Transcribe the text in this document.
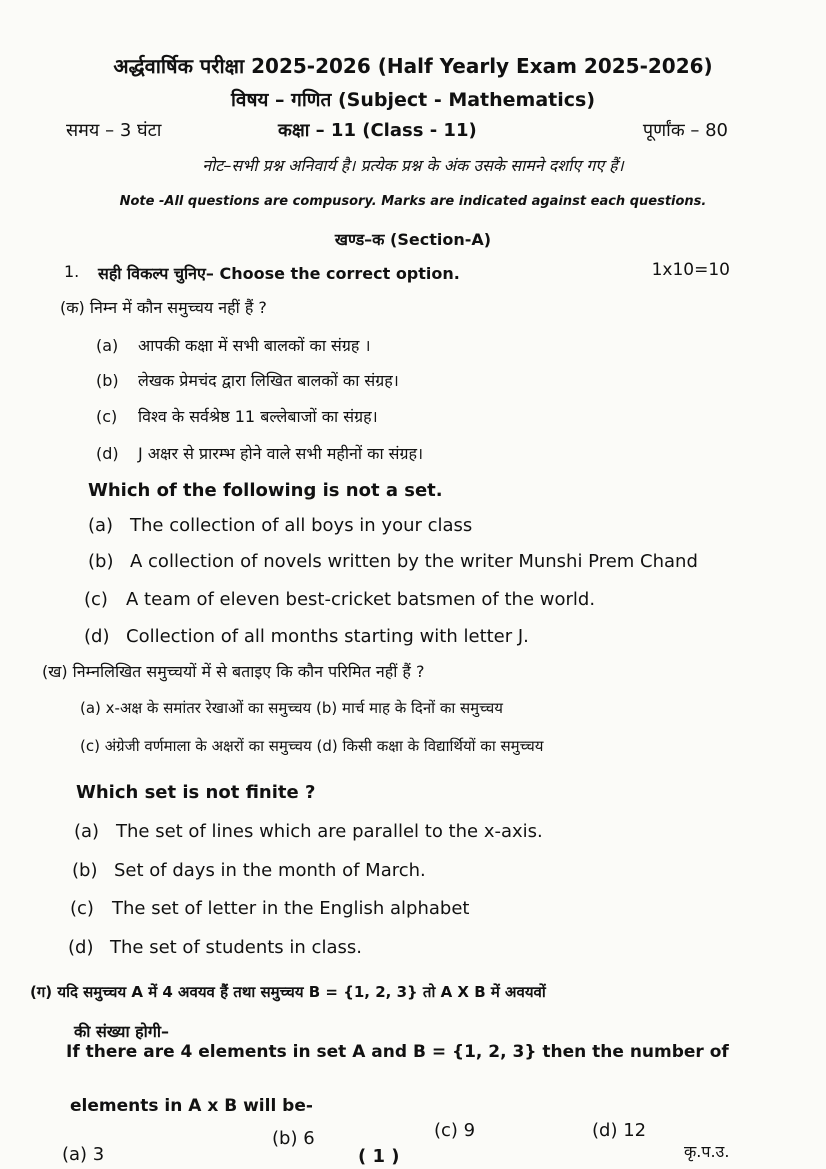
अर्द्धवार्षिक परीक्षा 2025-2026 (Half Yearly Exam 2025-2026)
विषय – गणित (Subject - Mathematics)
समय – 3 घंटा	कक्षा – 11 (Class - 11)	पूर्णांक – 80
नोट–सभी प्रश्न अनिवार्य है। प्रत्येक प्रश्न के अंक उसके सामने दर्शाए गए हैं।
Note -All questions are compusory. Marks are indicated against each questions.
खण्ड–क (Section-A)
1. सही विकल्प चुनिए– Choose the correct option.	1x10=10
(क) निम्न में कौन समुच्चय नहीं हैं ?
(a) आपकी कक्षा में सभी बालकों का संग्रह ।
(b) लेखक प्रेमचंद द्वारा लिखित बालकों का संग्रह।
(c) विश्व के सर्वश्रेष्ठ 11 बल्लेबाजों का संग्रह।
(d) J अक्षर से प्रारम्भ होने वाले सभी महीनों का संग्रह।
Which of the following is not a set.
(a) The collection of all boys in your class
(b) A collection of novels written by the writer Munshi Prem Chand
(c) A team of eleven best-cricket batsmen of the world.
(d) Collection of all months starting with letter J.
(ख) निम्नलिखित समुच्चयों में से बताइए कि कौन परिमित नहीं हैं ?
(a) x-अक्ष के समांतर रेखाओं का समुच्चय (b) मार्च माह के दिनों का समुच्चय
(c) अंग्रेजी वर्णमाला के अक्षरों का समुच्चय (d) किसी कक्षा के विद्यार्थियों का समुच्चय
Which set is not finite ?
(a) The set of lines which are parallel to the x-axis.
(b) Set of days in the month of March.
(c) The set of letter in the English alphabet
(d) The set of students in class.
(ग) यदि समुच्चय A में 4 अवयव हैं तथा समुच्चय B = {1, 2, 3} तो A X B में अवयवों
की संख्या होगी–
If there are 4 elements in set A and B = {1, 2, 3} then the number of
elements in A x B will be-
(a) 3
(b) 6	(c) 9	(d) 12
( 1 )	कृ.प.उ.
